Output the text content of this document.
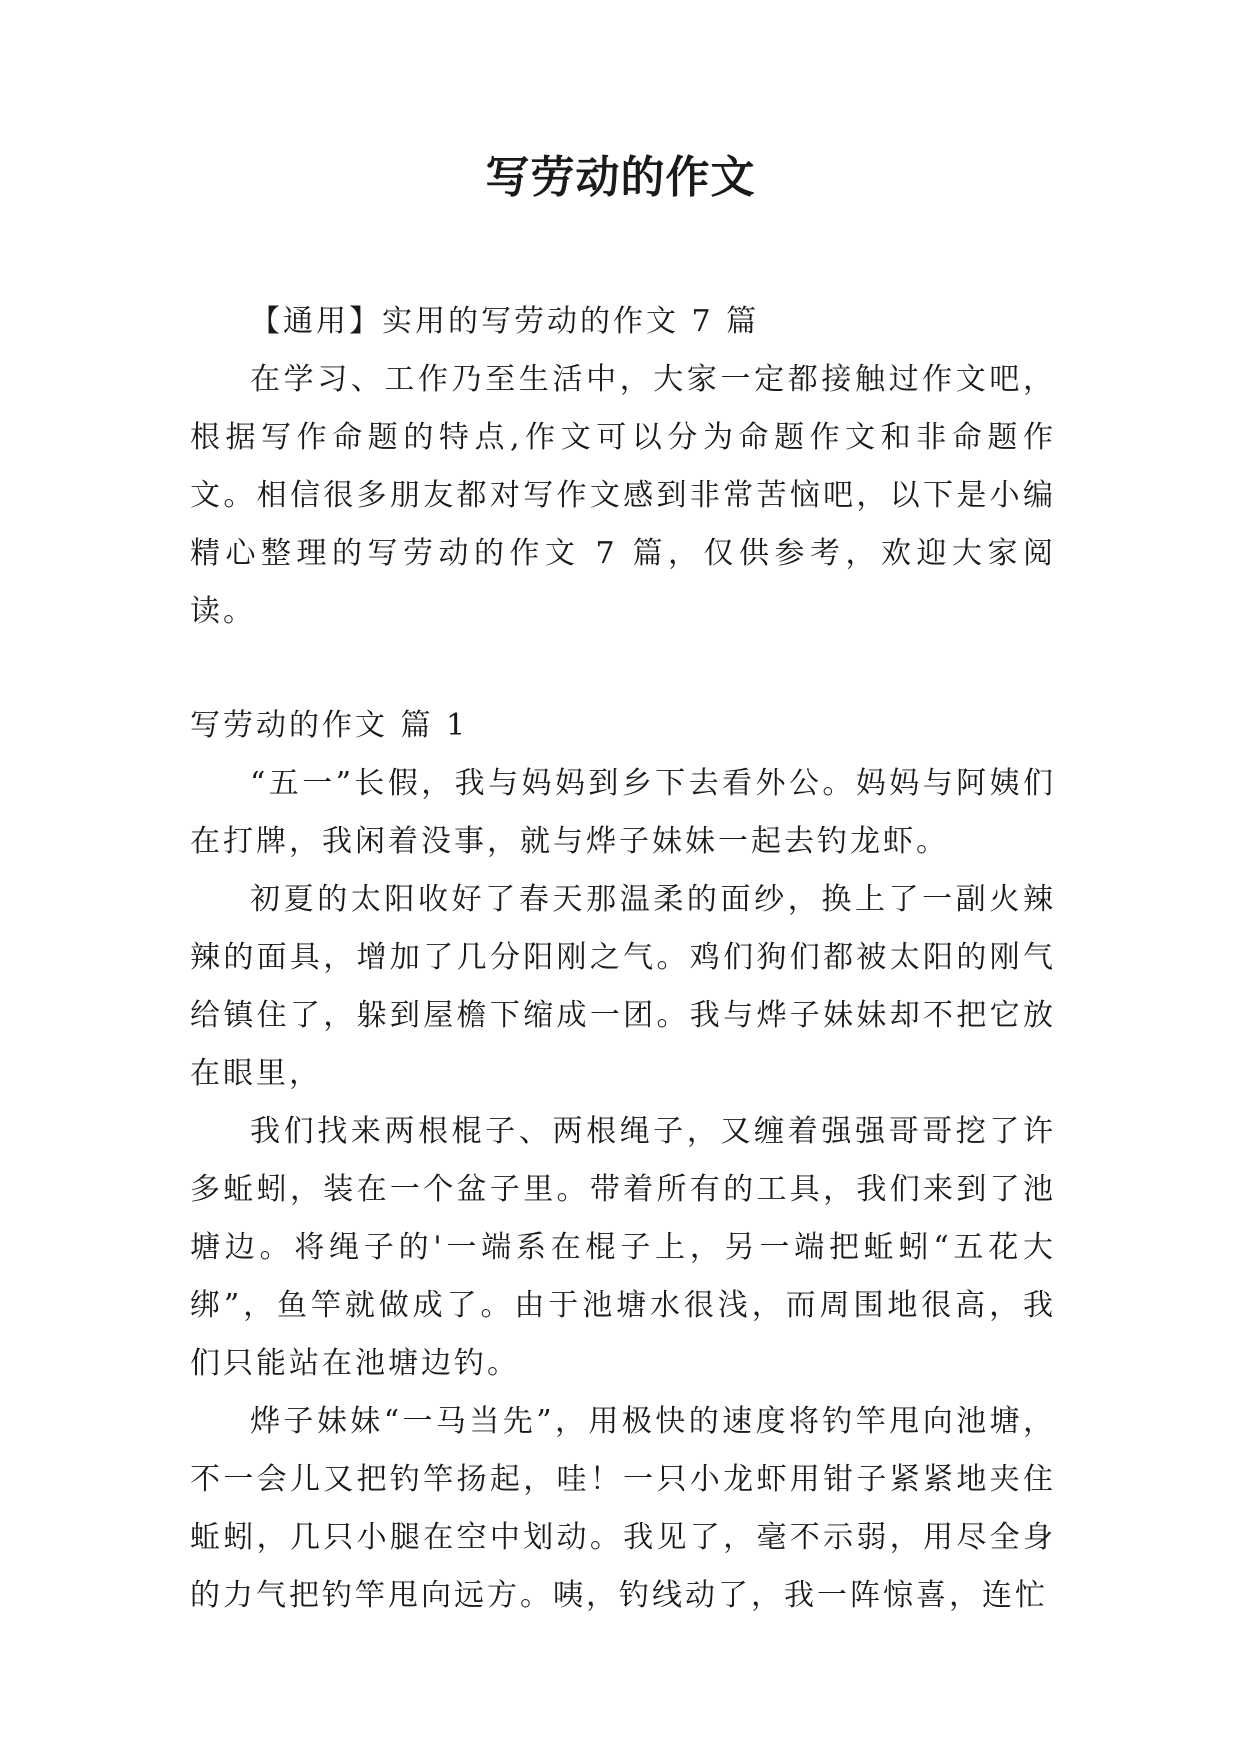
写劳动的作文

【通用】实用的写劳动的作文 7 篇

在学习、工作乃至生活中，大家一定都接触过作文吧，根据写作命题的特点,作文可以分为命题作文和非命题作文。相信很多朋友都对写作文感到非常苦恼吧，以下是小编精心整理的写劳动的作文 7 篇，仅供参考，欢迎大家阅读。

写劳动的作文 篇 1

“五一”长假，我与妈妈到乡下去看外公。妈妈与阿姨们在打牌，我闲着没事，就与烨子妹妹一起去钓龙虾。

初夏的太阳收好了春天那温柔的面纱，换上了一副火辣辣的面具，增加了几分阳刚之气。鸡们狗们都被太阳的刚气给镇住了，躲到屋檐下缩成一团。我与烨子妹妹却不把它放在眼里，

我们找来两根棍子、两根绳子，又缠着强强哥哥挖了许多蚯蚓，装在一个盆子里。带着所有的工具，我们来到了池塘边。将绳子的'一端系在棍子上，另一端把蚯蚓“五花大绑”，鱼竿就做成了。由于池塘水很浅，而周围地很高，我们只能站在池塘边钓。

烨子妹妹“一马当先”，用极快的速度将钓竿甩向池塘，不一会儿又把钓竿扬起，哇！一只小龙虾用钳子紧紧地夹住蚯蚓，几只小腿在空中划动。我见了，毫不示弱，用尽全身的力气把钓竿甩向远方。咦，钓线动了，我一阵惊喜，连忙
